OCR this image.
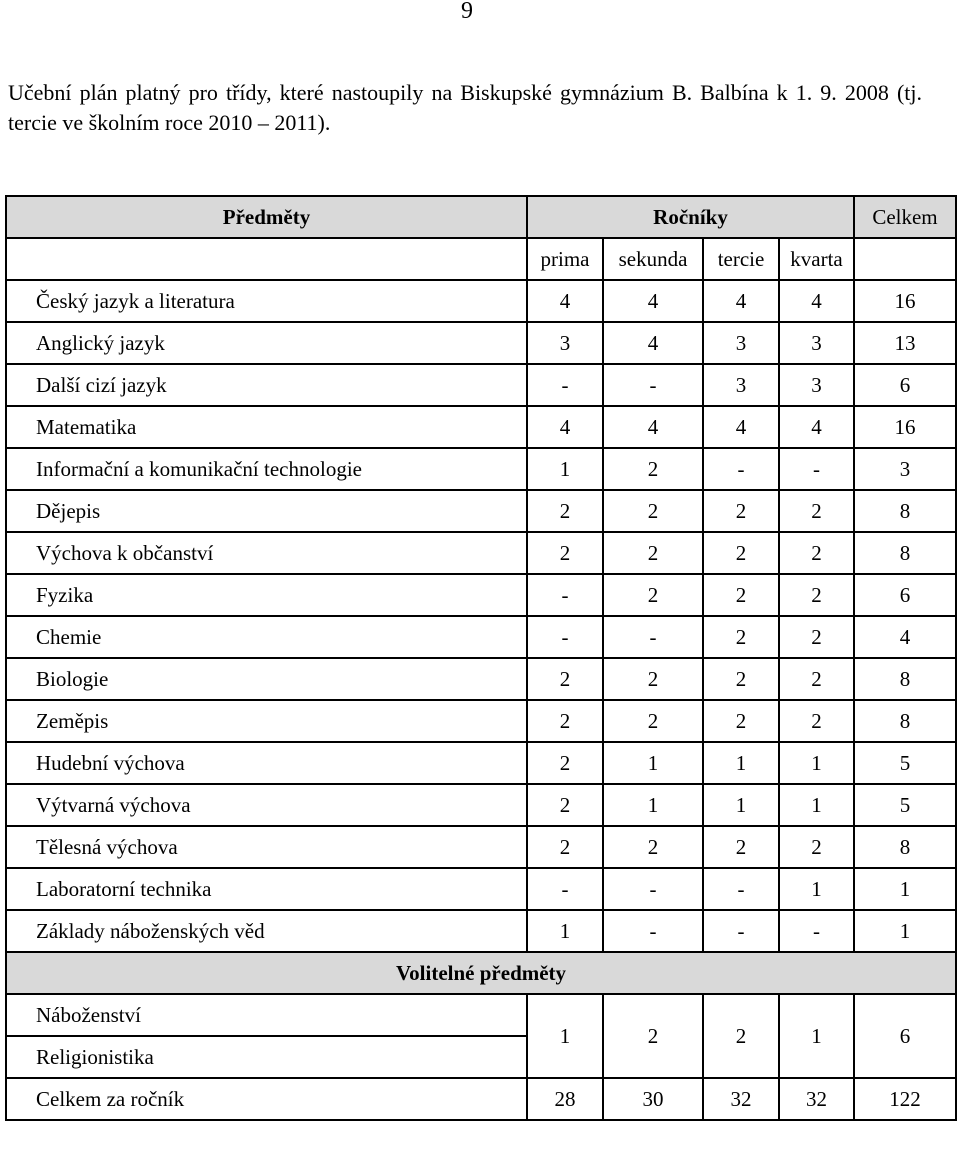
9

Učební plán platný pro třídy, které nastoupily na Biskupské gymnázium B. Balbína k 1. 9. 2008 (tj. tercie ve školním roce 2010 – 2011).

Předměty	Ročníky				Celkem
	prima	sekunda	tercie	kvarta	
Český jazyk a literatura	4	4	4	4	16
Anglický jazyk	3	4	3	3	13
Další cizí jazyk	-	-	3	3	6
Matematika	4	4	4	4	16
Informační a komunikační technologie	1	2	-	-	3
Dějepis	2	2	2	2	8
Výchova k občanství	2	2	2	2	8
Fyzika	-	2	2	2	6
Chemie	-	-	2	2	4
Biologie	2	2	2	2	8
Zeměpis	2	2	2	2	8
Hudební výchova	2	1	1	1	5
Výtvarná výchova	2	1	1	1	5
Tělesná výchova	2	2	2	2	8
Laboratorní technika	-	-	-	1	1
Základy náboženských věd	1	-	-	-	1
Volitelné předměty					
Náboženství	1	2	2	1	6
Religionistika					
Celkem za ročník	28	30	32	32	122
